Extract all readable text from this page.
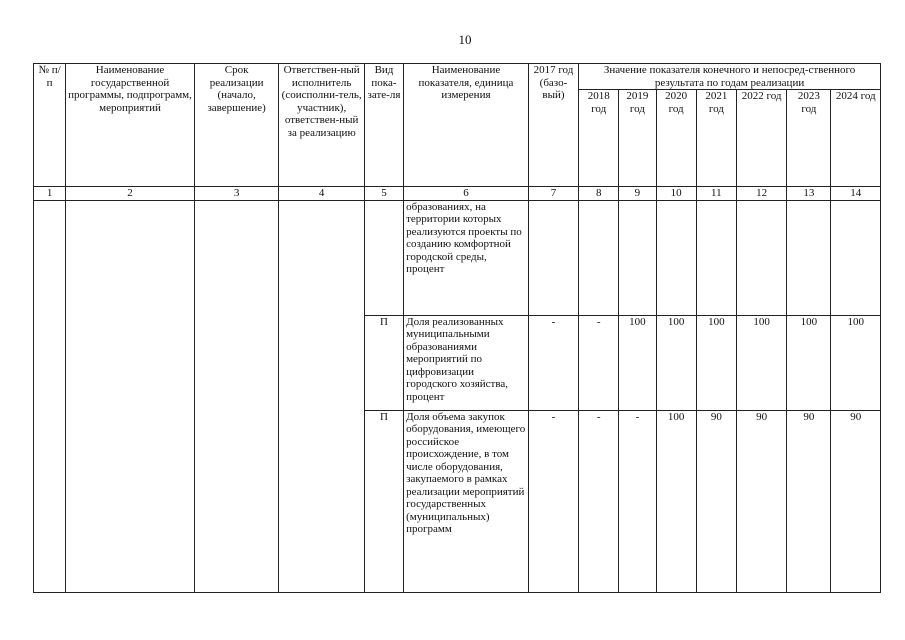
10
№ п/п	Наименование государственной программы, подпрограмм, мероприятий	Срок реализации (начало, завершение)	Ответствен-ный исполнитель (соисполни-тель, участник), ответствен-ный за реализацию	Вид пока-зате-ля	Наименование показателя, единица измерения	2017 год (базо-вый)	Значение показателя конечного и непосред-ственного результата по годам реализации						
							2018 год	2019 год	2020 год	2021 год	2022 год	2023 год	2024 год
1	2	3	4	5	6	7	8	9	10	11	12	13	14
					образованиях, на территории которых реализуются проекты по созданию комфортной городской среды, процент								
				П	Доля реализованных муниципальными образованиями мероприятий по цифровизации городского хозяйства, процент	-	-	100	100	100	100	100	100
				П	Доля объема закупок оборудования, имеющего российское происхождение, в том числе оборудования, закупаемого в рамках реализации мероприятий государственных (муниципальных) программ	-	-	-	100	90	90	90	90
